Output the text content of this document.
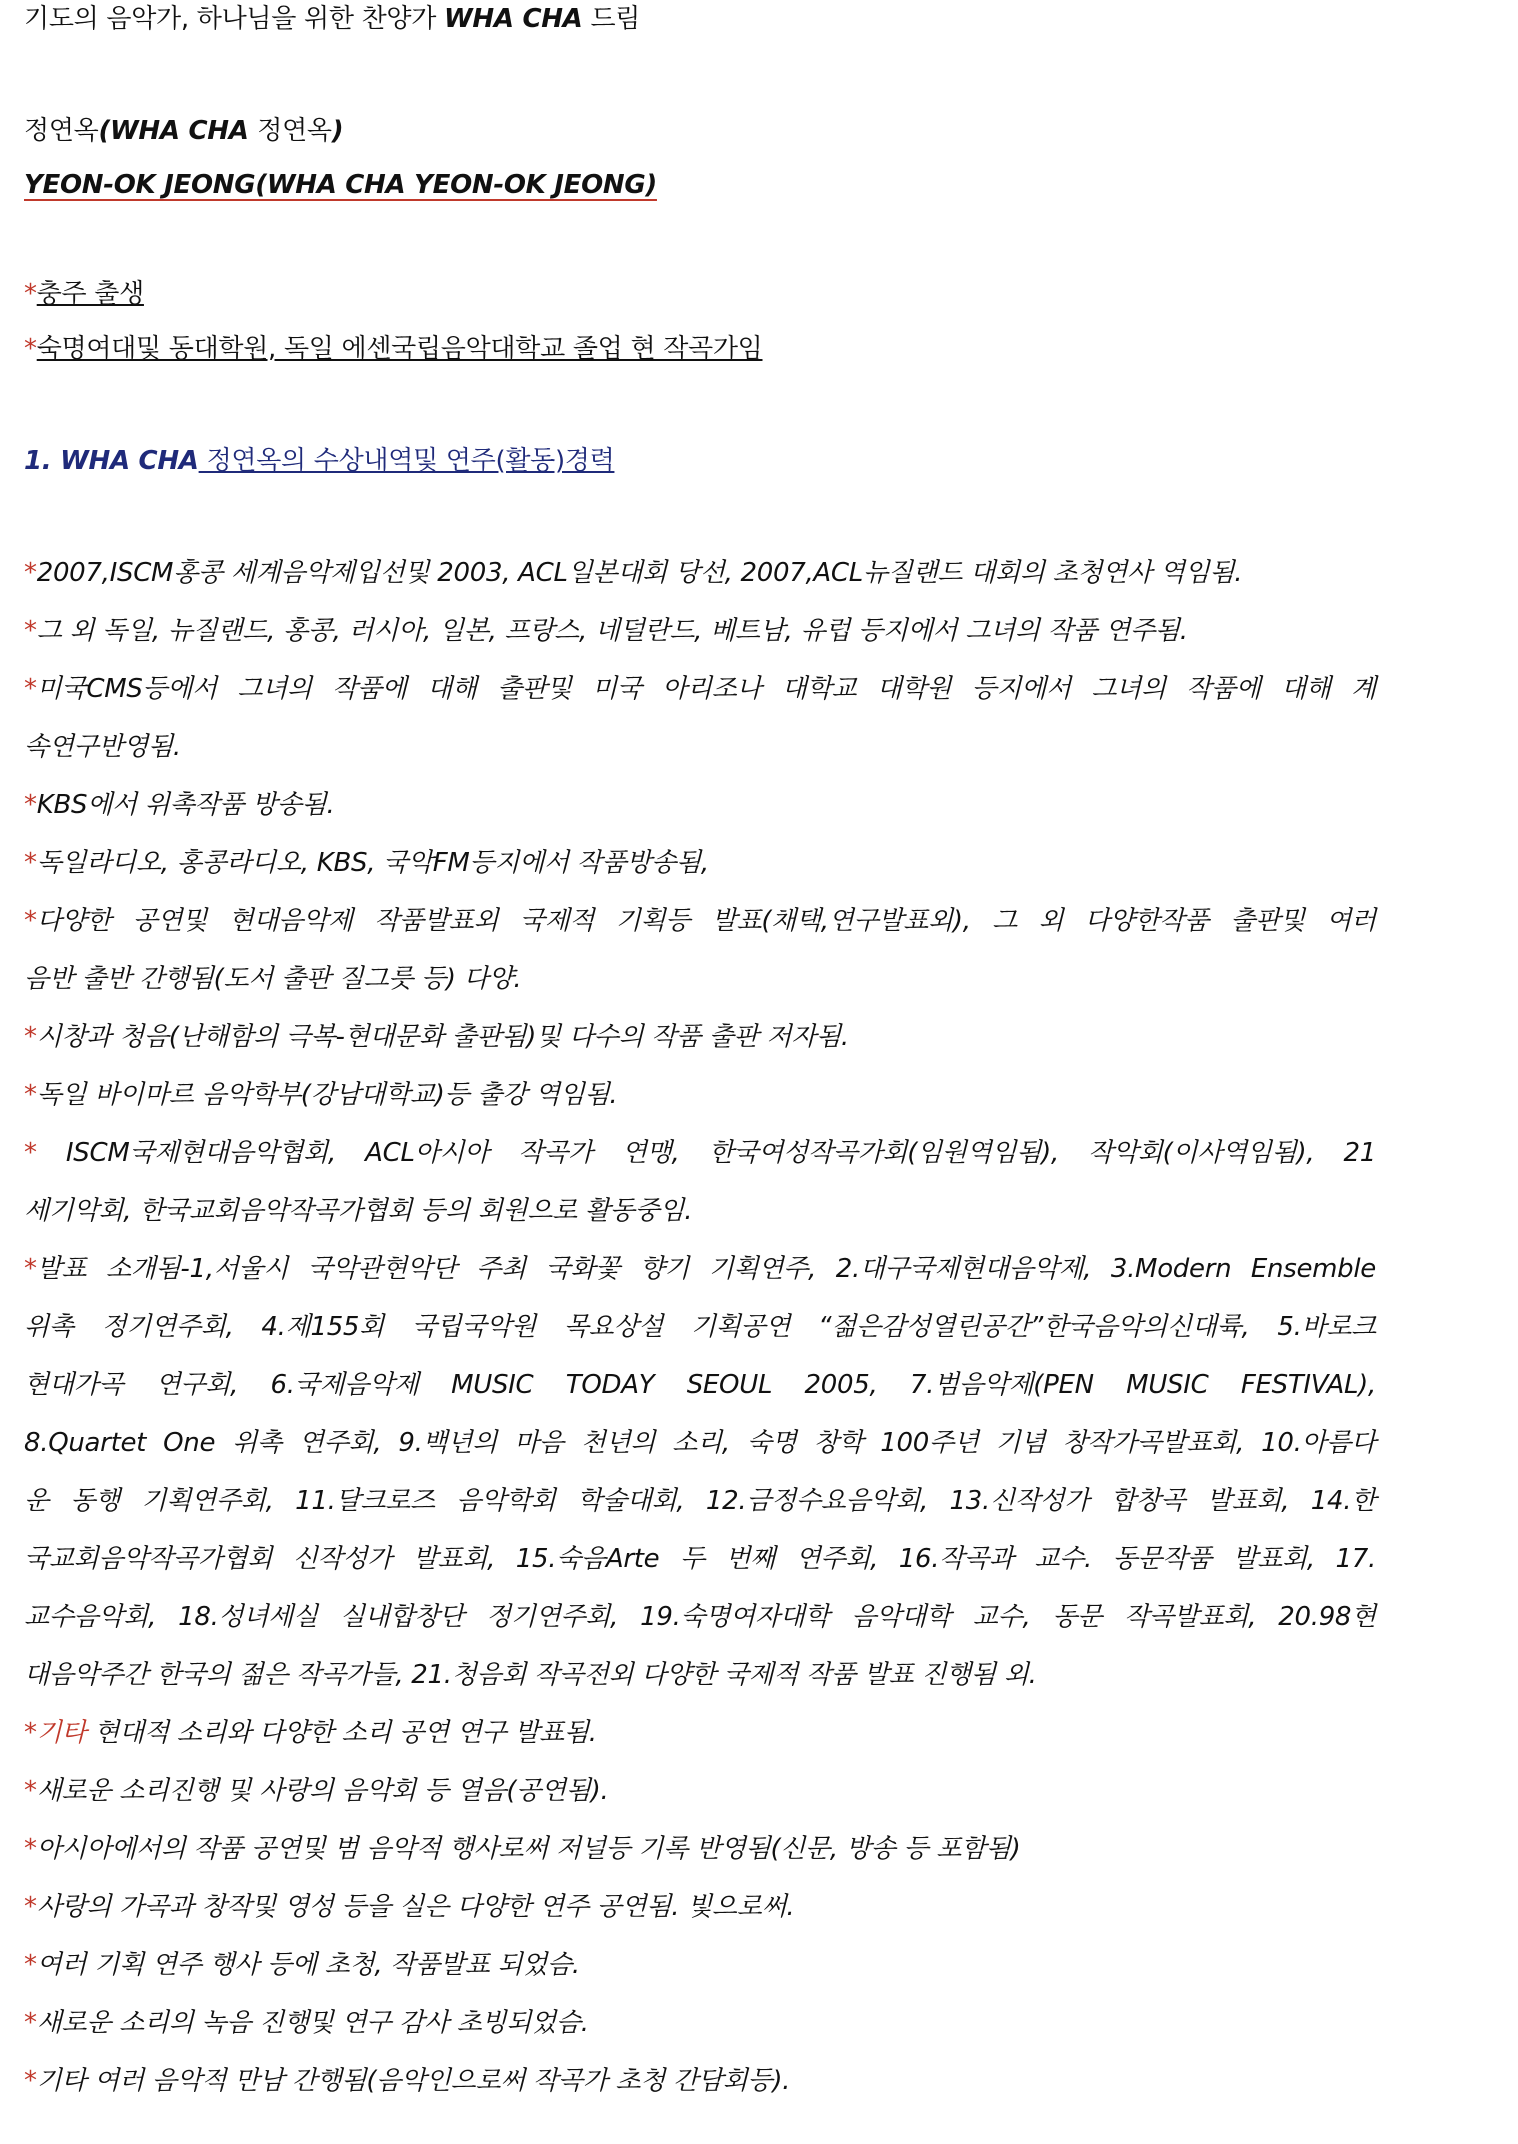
기도의 음악가, 하나님을 위한 찬양가 WHA CHA 드림
정연옥(WHA CHA 정연옥)
YEON-OK JEONG(WHA CHA YEON-OK JEONG)
*충주 출생
*숙명여대및 동대학원, 독일 에센국립음악대학교 졸업 현 작곡가임
1. WHA CHA 정연옥의 수상내역및 연주(활동)경력
*2007,ISCM홍콩 세계음악제입선및 2003, ACL일본대회 당선, 2007,ACL뉴질랜드 대회의 초청연사 역임됨.
*그 외 독일, 뉴질랜드, 홍콩, 러시아, 일본, 프랑스, 네덜란드, 베트남, 유럽 등지에서 그녀의 작품 연주됨.
*미국CMS등에서 그녀의 작품에 대해 출판및 미국 아리조나 대학교 대학원 등지에서 그녀의 작품에 대해 계
속연구반영됨.
*KBS에서 위촉작품 방송됨.
*독일라디오, 홍콩라디오, KBS, 국악FM등지에서 작품방송됨,
*다양한 공연및 현대음악제 작품발표외 국제적 기획등 발표(채택,연구발표외), 그 외 다양한작품 출판및 여러
음반 출반 간행됨(도서 출판 질그릇 등) 다양.
*시창과 청음(난해함의 극복-현대문화 출판됨)및 다수의 작품 출판 저자됨.
*독일 바이마르 음악학부(강남대학교)등 출강 역임됨.
* ISCM국제현대음악협회, ACL아시아 작곡가 연맹, 한국여성작곡가회(임원역임됨), 작악회(이사역임됨), 21
세기악회, 한국교회음악작곡가협회 등의 회원으로 활동중임.
*발표 소개됨-1,서울시 국악관현악단 주최 국화꽃 향기 기획연주, 2.대구국제현대음악제, 3.Modern Ensemble
위촉 정기연주회, 4.제155회 국립국악원 목요상설 기획공연 “젊은감성열린공간”한국음악의신대륙, 5.바로크
현대가곡 연구회, 6.국제음악제 MUSIC TODAY SEOUL 2005, 7.범음악제(PEN MUSIC FESTIVAL),
8.Quartet One 위촉 연주회, 9.백년의 마음 천년의 소리, 숙명 창학 100주년 기념 창작가곡발표회, 10.아름다
운 동행 기획연주회, 11.달크로즈 음악학회 학술대회, 12.금정수요음악회, 13.신작성가 합창곡 발표회, 14.한
국교회음악작곡가협회 신작성가 발표회, 15.숙음Arte 두 번째 연주회, 16.작곡과 교수. 동문작품 발표회, 17.
교수음악회, 18.성녀세실 실내합창단 정기연주회, 19.숙명여자대학 음악대학 교수, 동문 작곡발표회, 20.98현
대음악주간 한국의 젊은 작곡가들, 21.청음회 작곡전외 다양한 국제적 작품 발표 진행됨 외.
*기타 현대적 소리와 다양한 소리 공연 연구 발표됨.
*새로운 소리진행 및 사랑의 음악회 등 열음(공연됨).
*아시아에서의 작품 공연및 범 음악적 행사로써 저널등 기록 반영됨(신문, 방송 등 포함됨)
*사랑의 가곡과 창작및 영성 등을 실은 다양한 연주 공연됨. 빛으로써.
*여러 기획 연주 행사 등에 초청, 작품발표 되었슴.
*새로운 소리의 녹음 진행및 연구 감사 초빙되었슴.
*기타 여러 음악적 만남 간행됨(음악인으로써 작곡가 초청 간담회등).
